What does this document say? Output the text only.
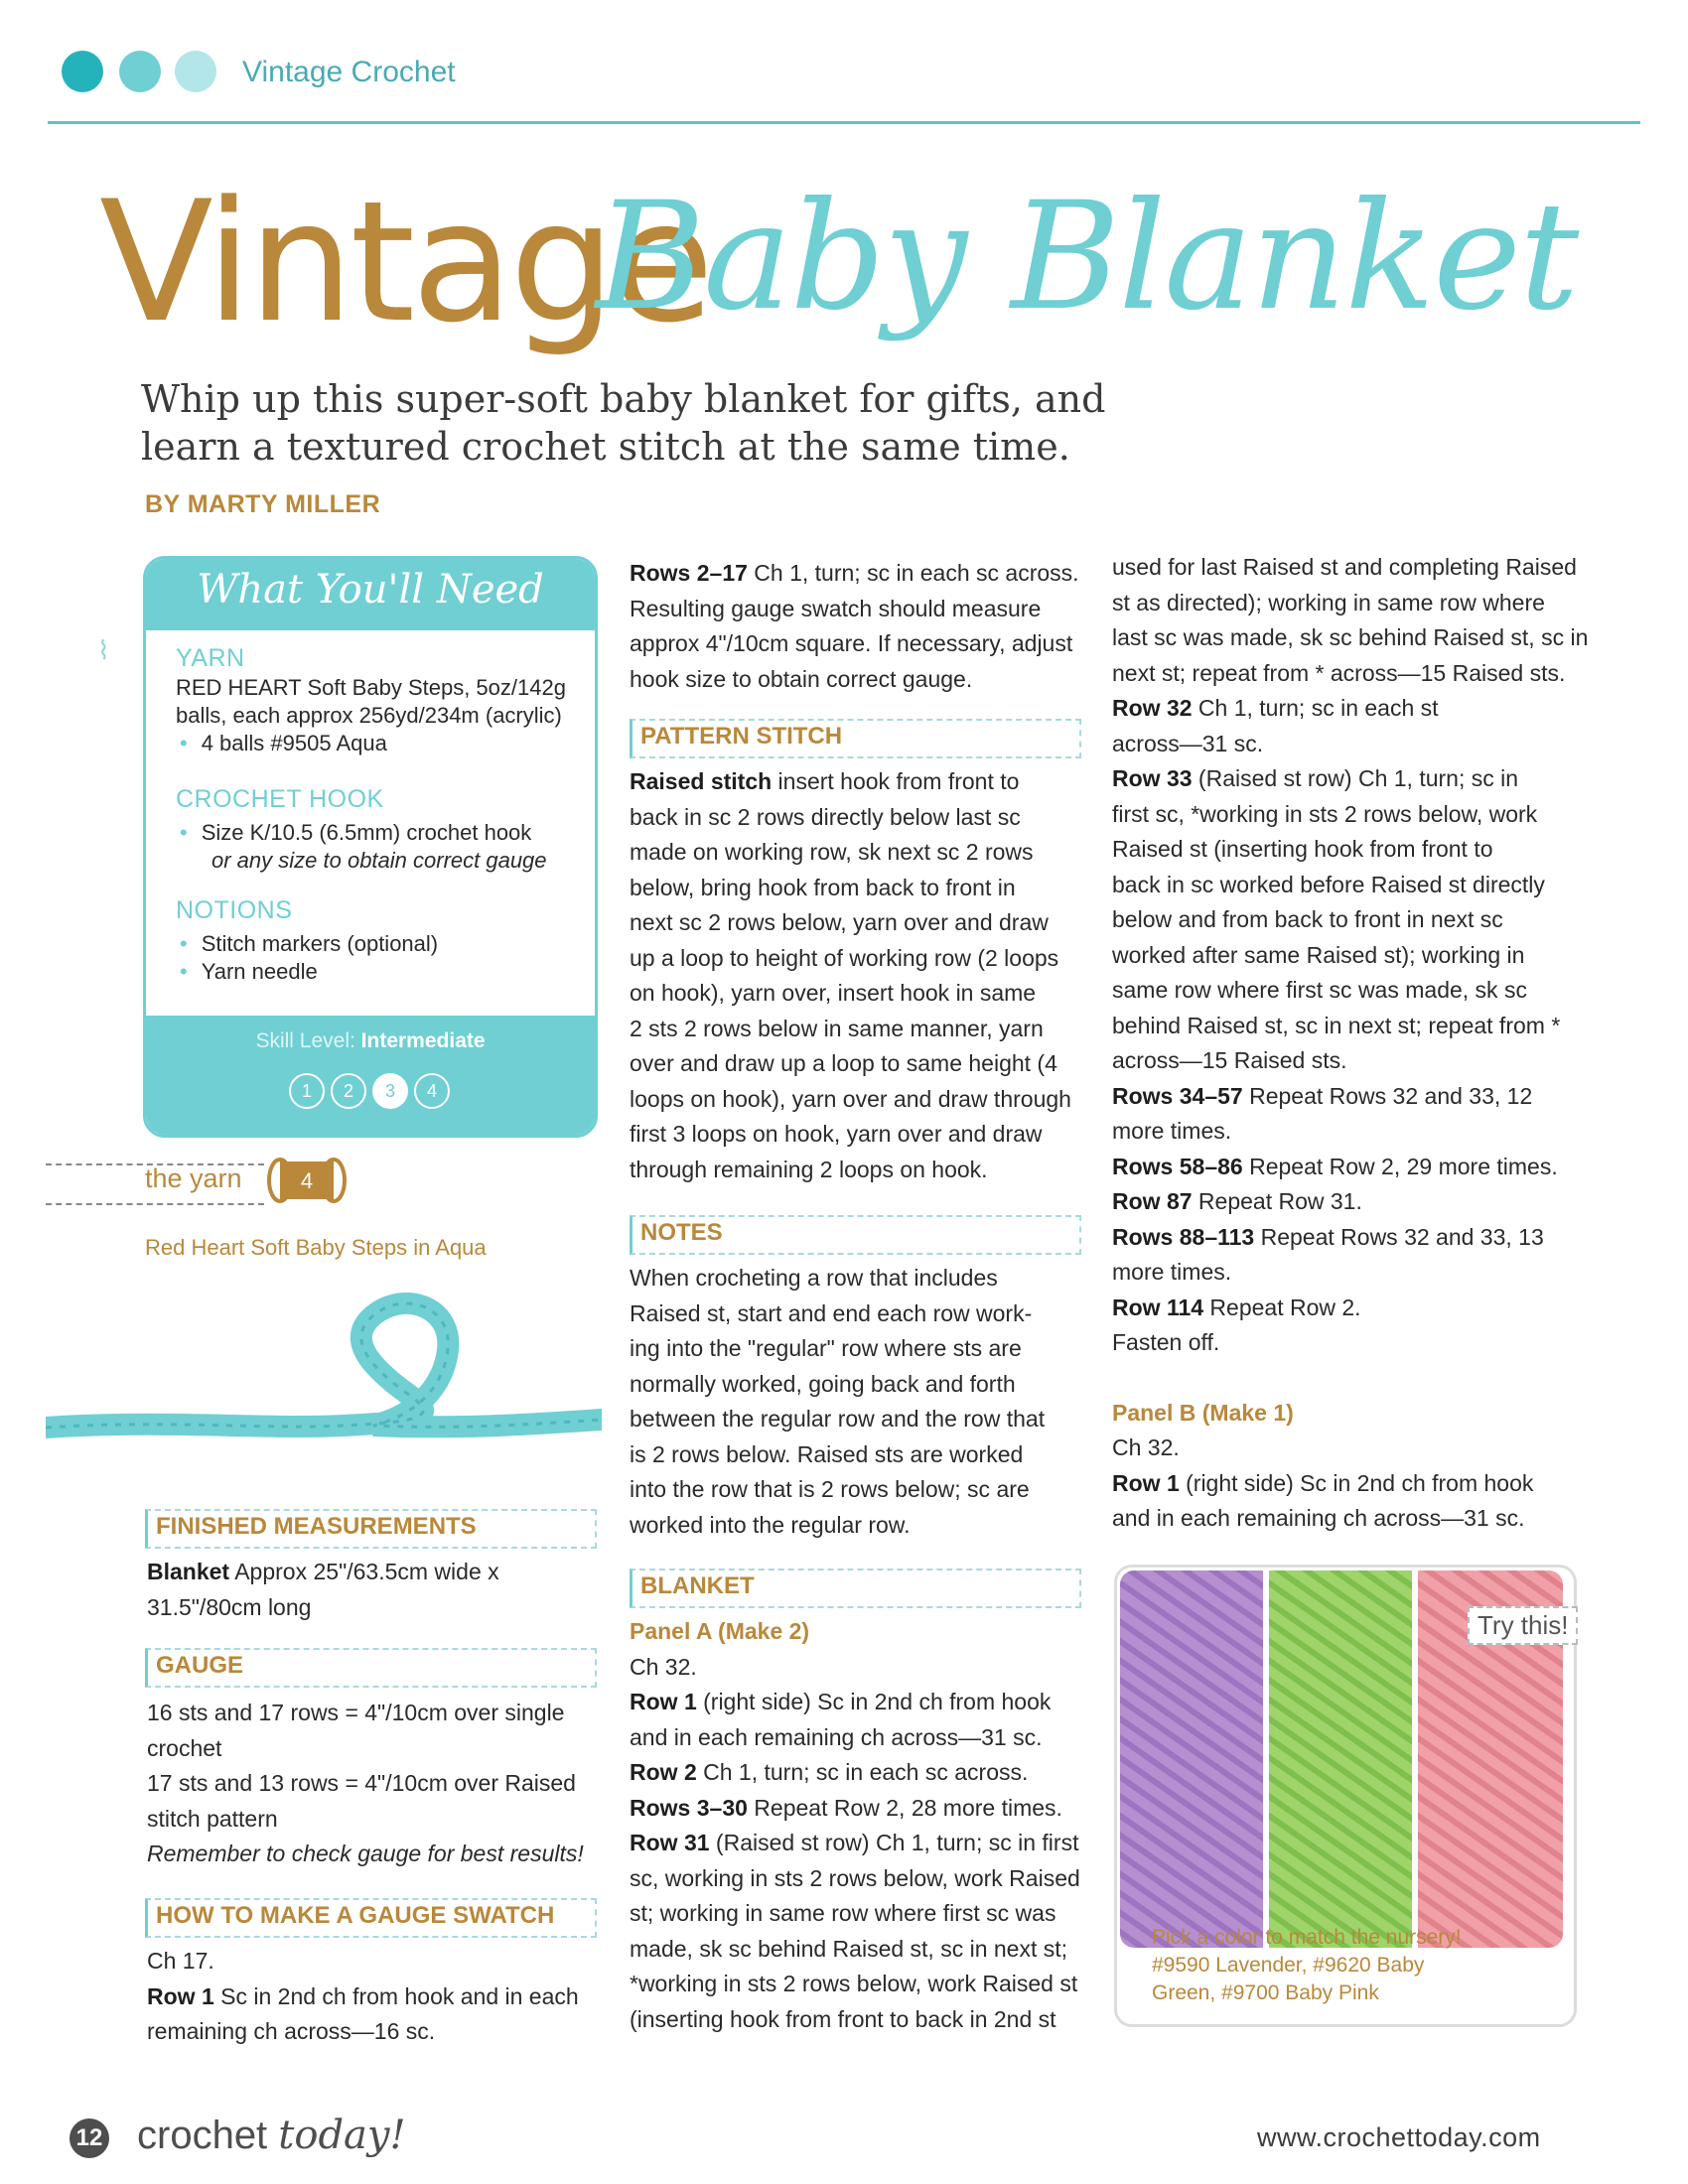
Vintage Crochet
Vintage
Baby Blanket
Whip up this super-soft baby blanket for gifts, and
learn a textured crochet stitch at the same time.
BY MARTY MILLER
⌇
What You'll Need
YARN
RED HEART Soft Baby Steps, 5oz/142g
balls, each approx 256yd/234m (acrylic)
• 4 balls #9505 Aqua
CROCHET HOOK
• Size K/10.5 (6.5mm) crochet hook
or any size to obtain correct gauge
NOTIONS
• Stitch markers (optional)
• Yarn needle
Skill Level: Intermediate
1	2	3	4
the yarn	4
Red Heart Soft Baby Steps in Aqua
FINISHED MEASUREMENTS

Blanket Approx 25"/63.5cm wide x

31.5"/80cm long

GAUGE

16 sts and 17 rows = 4"/10cm over single

crochet

17 sts and 13 rows = 4"/10cm over Raised

stitch pattern

Remember to check gauge for best results!

HOW TO MAKE A GAUGE SWATCH

Ch 17.

Row 1 Sc in 2nd ch from hook and in each

remaining ch across—16 sc.

Rows 2–17 Ch 1, turn; sc in each sc across.

Resulting gauge swatch should measure

approx 4"/10cm square. If necessary, adjust

hook size to obtain correct gauge.

PATTERN STITCH

Raised stitch insert hook from front to

back in sc 2 rows directly below last sc

made on working row, sk next sc 2 rows

below, bring hook from back to front in

next sc 2 rows below, yarn over and draw

up a loop to height of working row (2 loops

on hook), yarn over, insert hook in same

2 sts 2 rows below in same manner, yarn

over and draw up a loop to same height (4

loops on hook), yarn over and draw through

first 3 loops on hook, yarn over and draw

through remaining 2 loops on hook.

NOTES

When crocheting a row that includes

Raised st, start and end each row work-

ing into the "regular" row where sts are

normally worked, going back and forth

between the regular row and the row that

is 2 rows below. Raised sts are worked

into the row that is 2 rows below; sc are

worked into the regular row.

BLANKET

Panel A (Make 2)

Ch 32.

Row 1 (right side) Sc in 2nd ch from hook

and in each remaining ch across—31 sc.

Row 2 Ch 1, turn; sc in each sc across.

Rows 3–30 Repeat Row 2, 28 more times.

Row 31 (Raised st row) Ch 1, turn; sc in first

sc, working in sts 2 rows below, work Raised

st; working in same row where first sc was

made, sk sc behind Raised st, sc in next st;

*working in sts 2 rows below, work Raised st

(inserting hook from front to back in 2nd st

used for last Raised st and completing Raised

st as directed); working in same row where

last sc was made, sk sc behind Raised st, sc in

next st; repeat from * across—15 Raised sts.

Row 32 Ch 1, turn; sc in each st

across—31 sc.

Row 33 (Raised st row) Ch 1, turn; sc in

first sc, *working in sts 2 rows below, work

Raised st (inserting hook from front to

back in sc worked before Raised st directly

below and from back to front in next sc

worked after same Raised st); working in

same row where first sc was made, sk sc

behind Raised st, sc in next st; repeat from *

across—15 Raised sts.

Rows 34–57 Repeat Rows 32 and 33, 12

more times.

Rows 58–86 Repeat Row 2, 29 more times.

Row 87 Repeat Row 31.

Rows 88–113 Repeat Rows 32 and 33, 13

more times.

Row 114 Repeat Row 2.

Fasten off.

Panel B (Make 1)

Ch 32.

Row 1 (right side) Sc in 2nd ch from hook

and in each remaining ch across—31 sc.

Try this!
Pick a color to match the nursery!
#9590 Lavender, #9620 Baby
Green, #9700 Baby Pink
12 crochet today!	www.crochettoday.com
